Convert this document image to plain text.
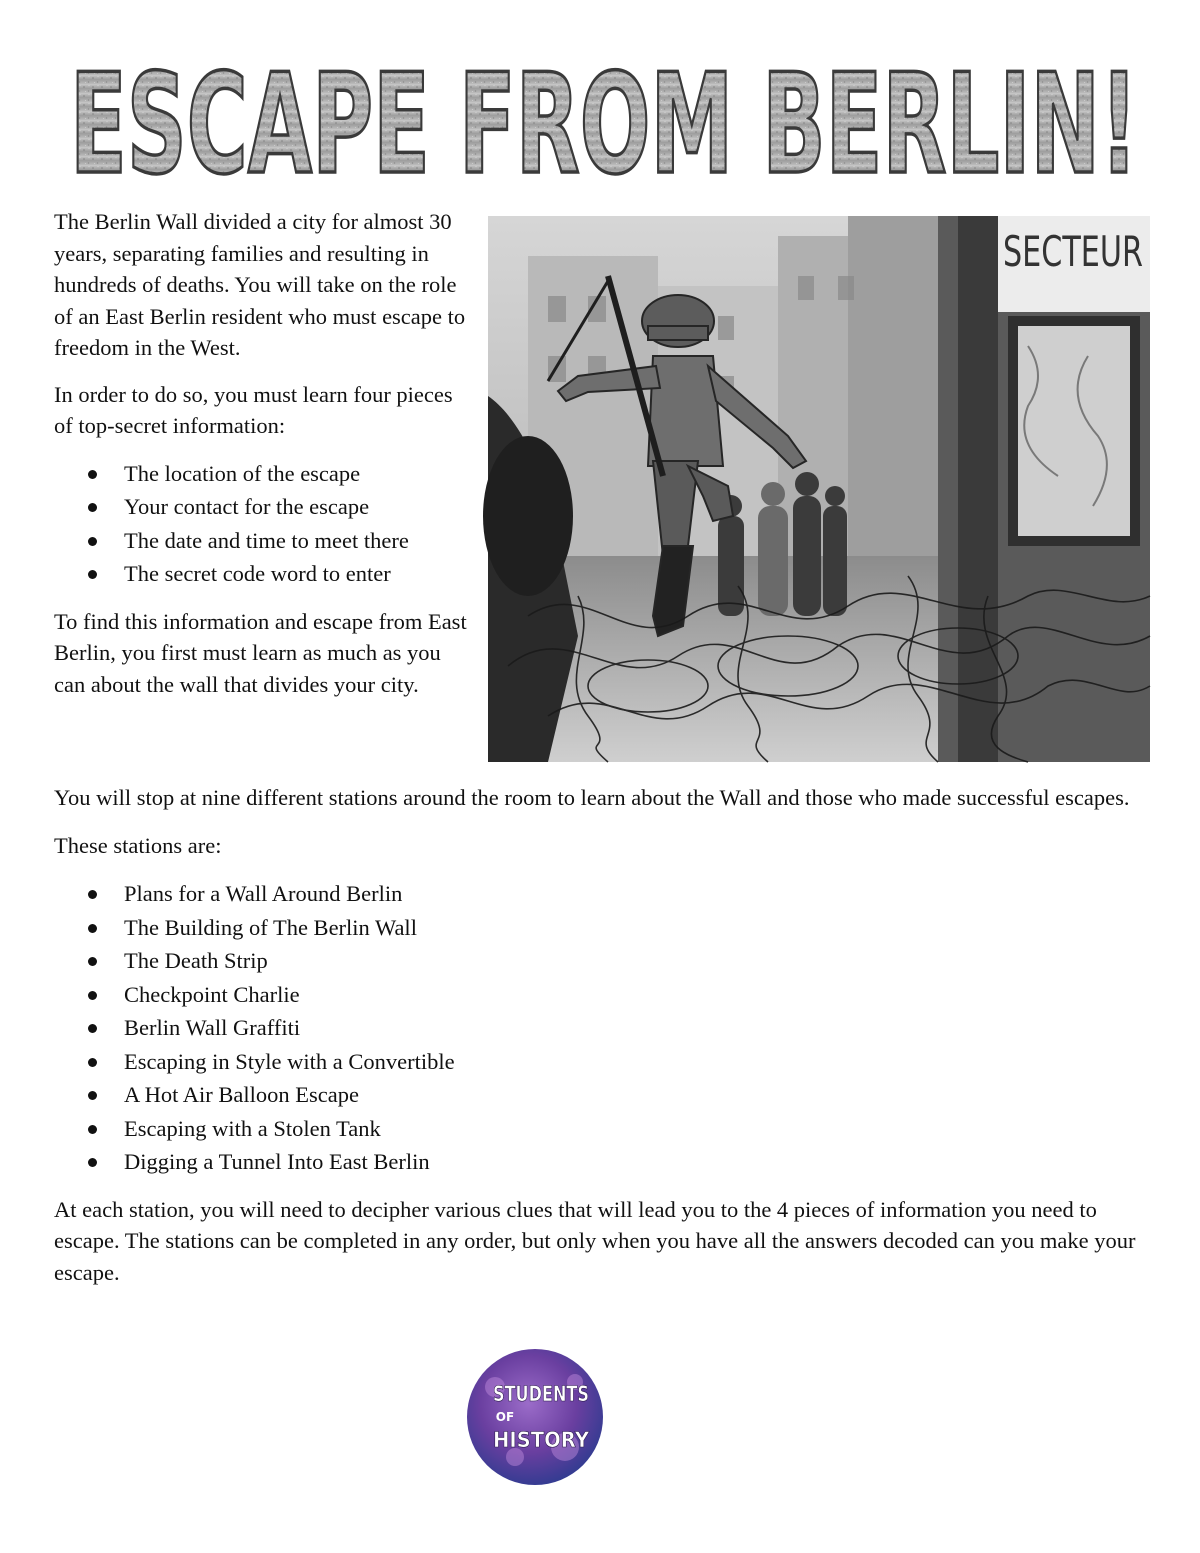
ESCAPE FROM BERLIN!

The Berlin Wall divided a city for almost 30 years, separating families and resulting in hundreds of deaths. You will take on the role of an East Berlin resident who must escape to freedom in the West.

In order to do so, you must learn four pieces of top-secret information:

The location of the escape
Your contact for the escape
The date and time to meet there
The secret code word to enter

To find this information and escape from East Berlin, you first must learn as much as you can about the wall that divides your city.

SECTEUR

You will stop at nine different stations around the room to learn about the Wall and those who made successful escapes.

These stations are:

Plans for a Wall Around Berlin
The Building of The Berlin Wall
The Death Strip
Checkpoint Charlie
Berlin Wall Graffiti
Escaping in Style with a Convertible
A Hot Air Balloon Escape
Escaping with a Stolen Tank
Digging a Tunnel Into East Berlin

At each station, you will need to decipher various clues that will lead you to the 4 pieces of information you need to escape. The stations can be completed in any order, but only when you have all the answers decoded can you make your escape.

STUDENTS
OF
HISTORY
